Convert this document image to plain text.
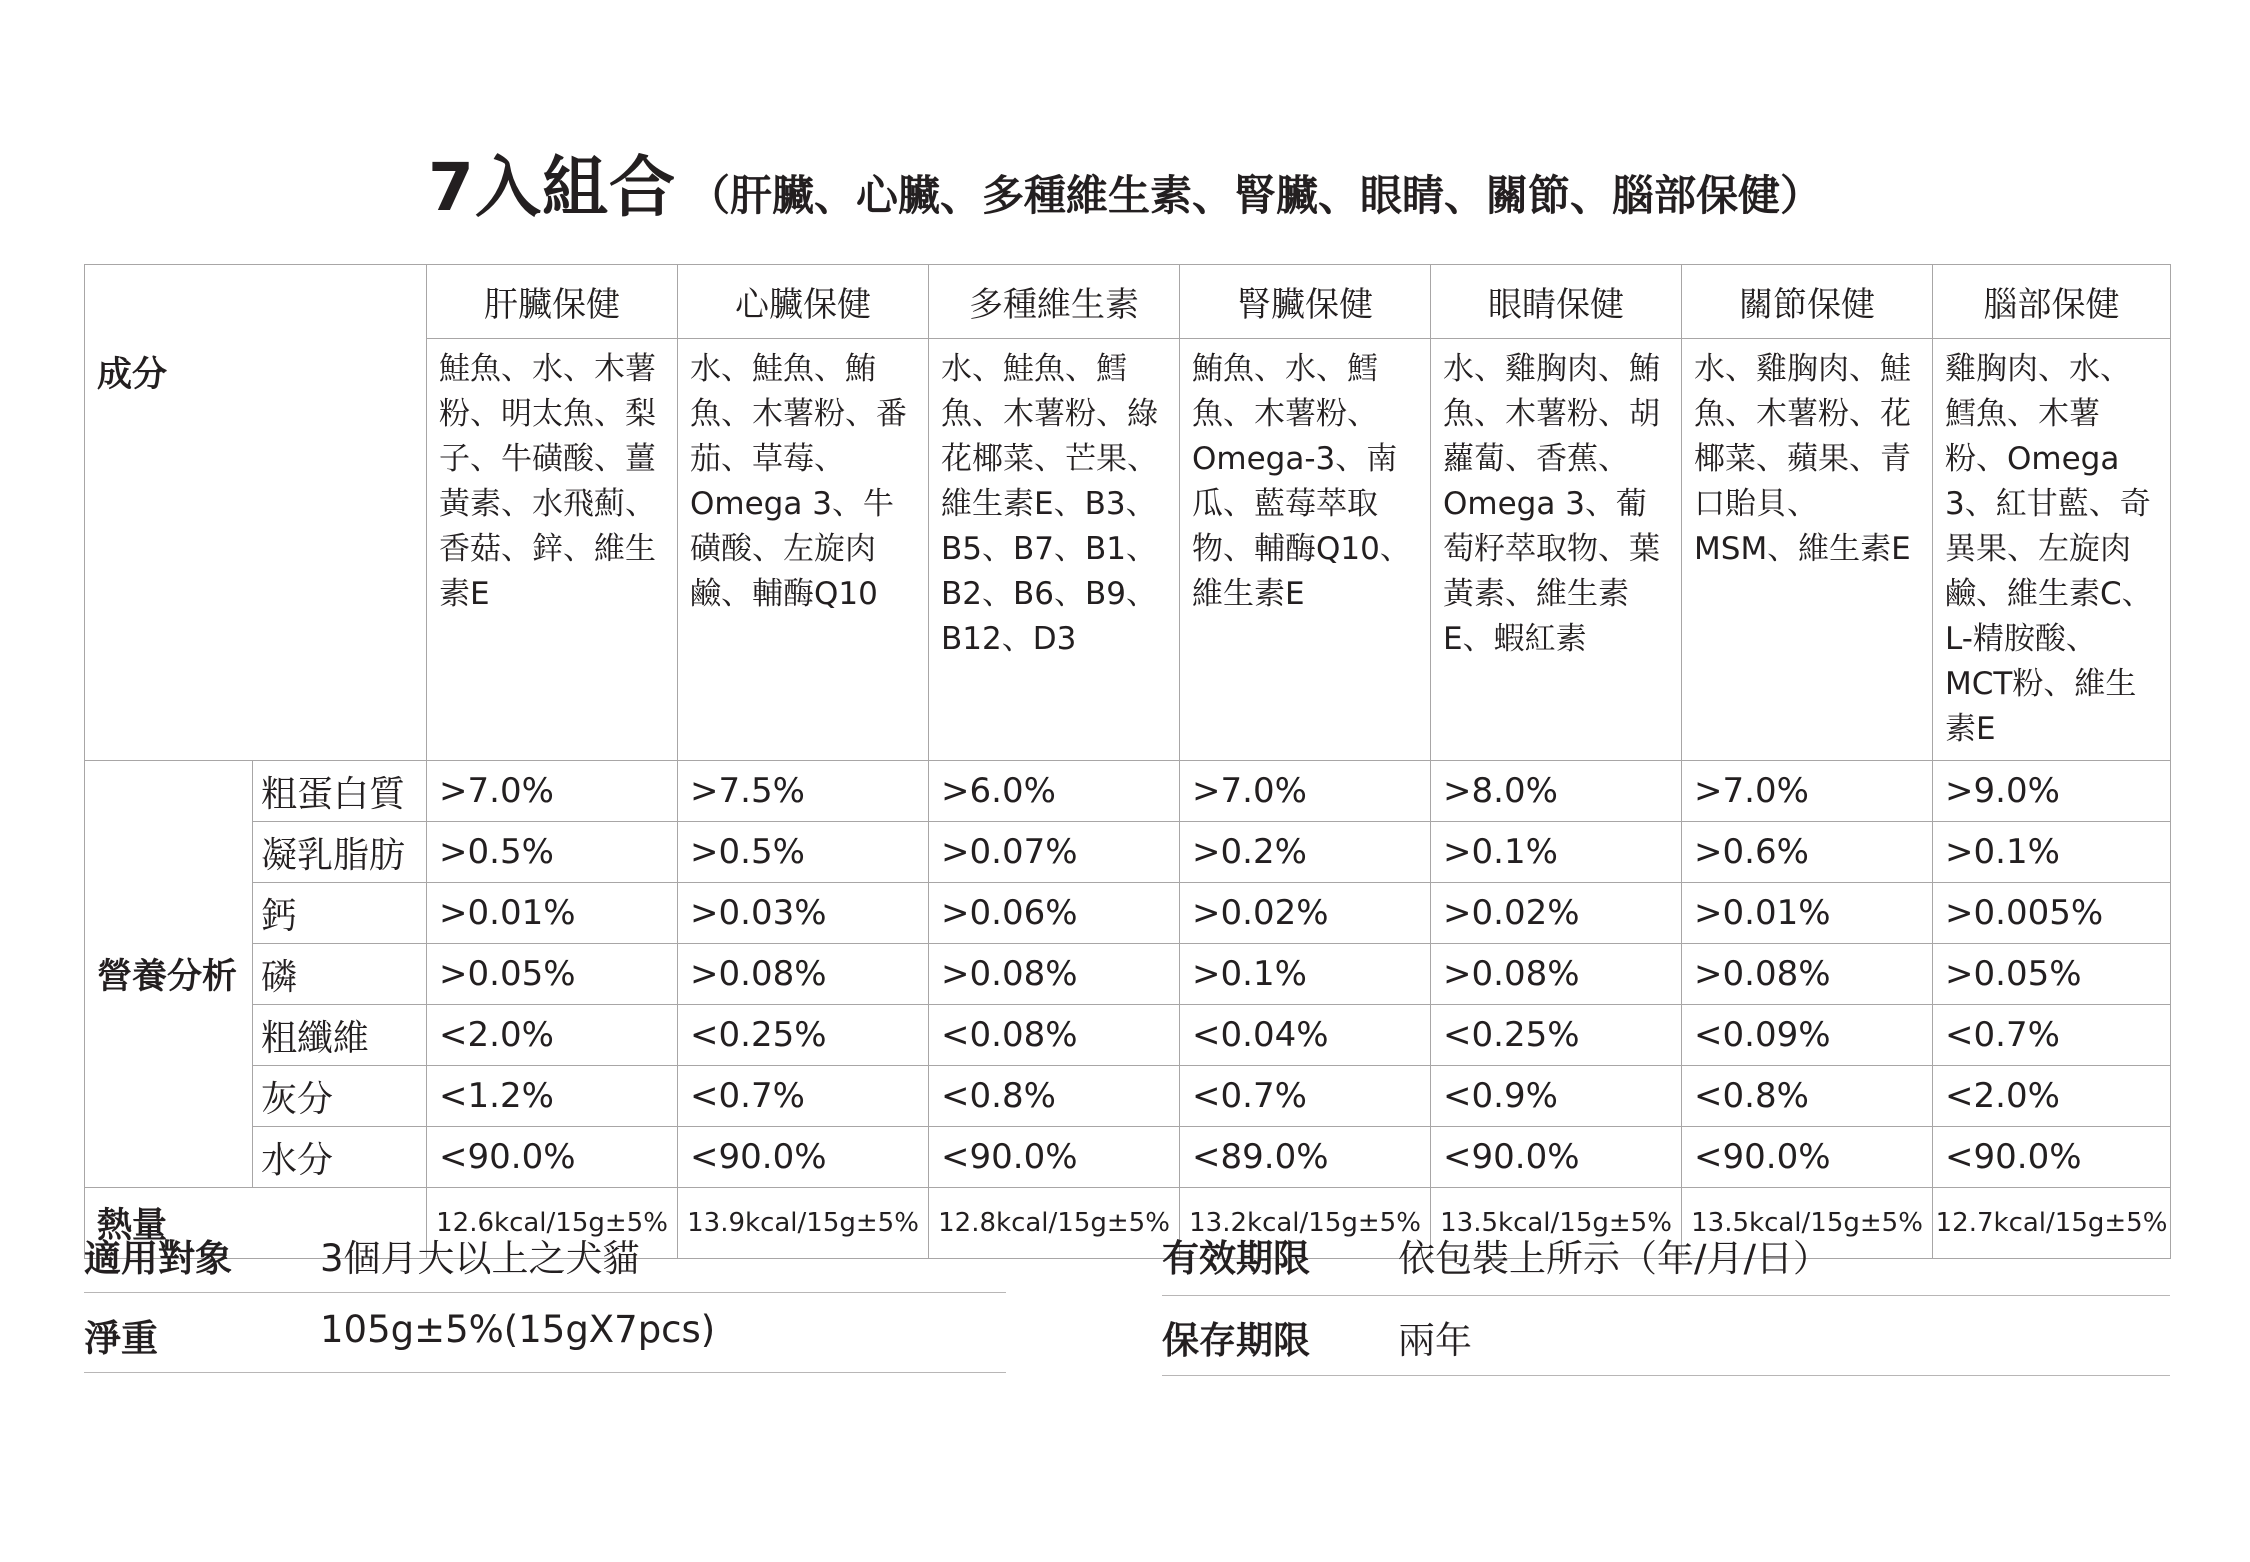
7入組合 （肝臟、心臟、多種維生素、腎臟、眼睛、關節、腦部保健）
成分		肝臟保健	心臟保健	多種維生素	腎臟保健	眼睛保健	關節保健	腦部保健
		鮭魚、水、木薯粉、明太魚、梨子、牛磺酸、薑黃素、水飛薊、香菇、鋅、維生素E	水、鮭魚、鮪魚、木薯粉、番茄、草莓、Omega 3、牛磺酸、左旋肉鹼、輔酶Q10	水、鮭魚、鱈魚、木薯粉、綠花椰菜、芒果、維生素E、B3、B5、B7、B1、B2、B6、B9、B12、D3	鮪魚、水、鱈魚、木薯粉、Omega-3、南瓜、藍莓萃取物、輔酶Q10、維生素E	水、雞胸肉、鮪魚、木薯粉、胡蘿蔔、香蕉、Omega 3、葡萄籽萃取物、葉黃素、維生素E、蝦紅素	水、雞胸肉、鮭魚、木薯粉、花椰菜、蘋果、青口貽貝、MSM、維生素E	雞胸肉、水、鱈魚、木薯粉、Omega 3、紅甘藍、奇異果、左旋肉鹼、維生素C、L-精胺酸、MCT粉、維生素E
營養分析	粗蛋白質	>7.0%	>7.5%	>6.0%	>7.0%	>8.0%	>7.0%	>9.0%
	凝乳脂肪	>0.5%	>0.5%	>0.07%	>0.2%	>0.1%	>0.6%	>0.1%
	鈣	>0.01%	>0.03%	>0.06%	>0.02%	>0.02%	>0.01%	>0.005%
	磷	>0.05%	>0.08%	>0.08%	>0.1%	>0.08%	>0.08%	>0.05%
	粗纖維	<2.0%	<0.25%	<0.08%	<0.04%	<0.25%	<0.09%	<0.7%
	灰分	<1.2%	<0.7%	<0.8%	<0.7%	<0.9%	<0.8%	<2.0%
	水分	<90.0%	<90.0%	<90.0%	<89.0%	<90.0%	<90.0%	<90.0%
熱量		12.6kcal/15g±5%	13.9kcal/15g±5%	12.8kcal/15g±5%	13.2kcal/15g±5%	13.5kcal/15g±5%	13.5kcal/15g±5%	12.7kcal/15g±5%
適用對象 3個月大以上之犬貓
淨重	105g±5%(15gX7pcs)
有效期限 依包裝上所示（年/月/日）
保存期限 兩年
